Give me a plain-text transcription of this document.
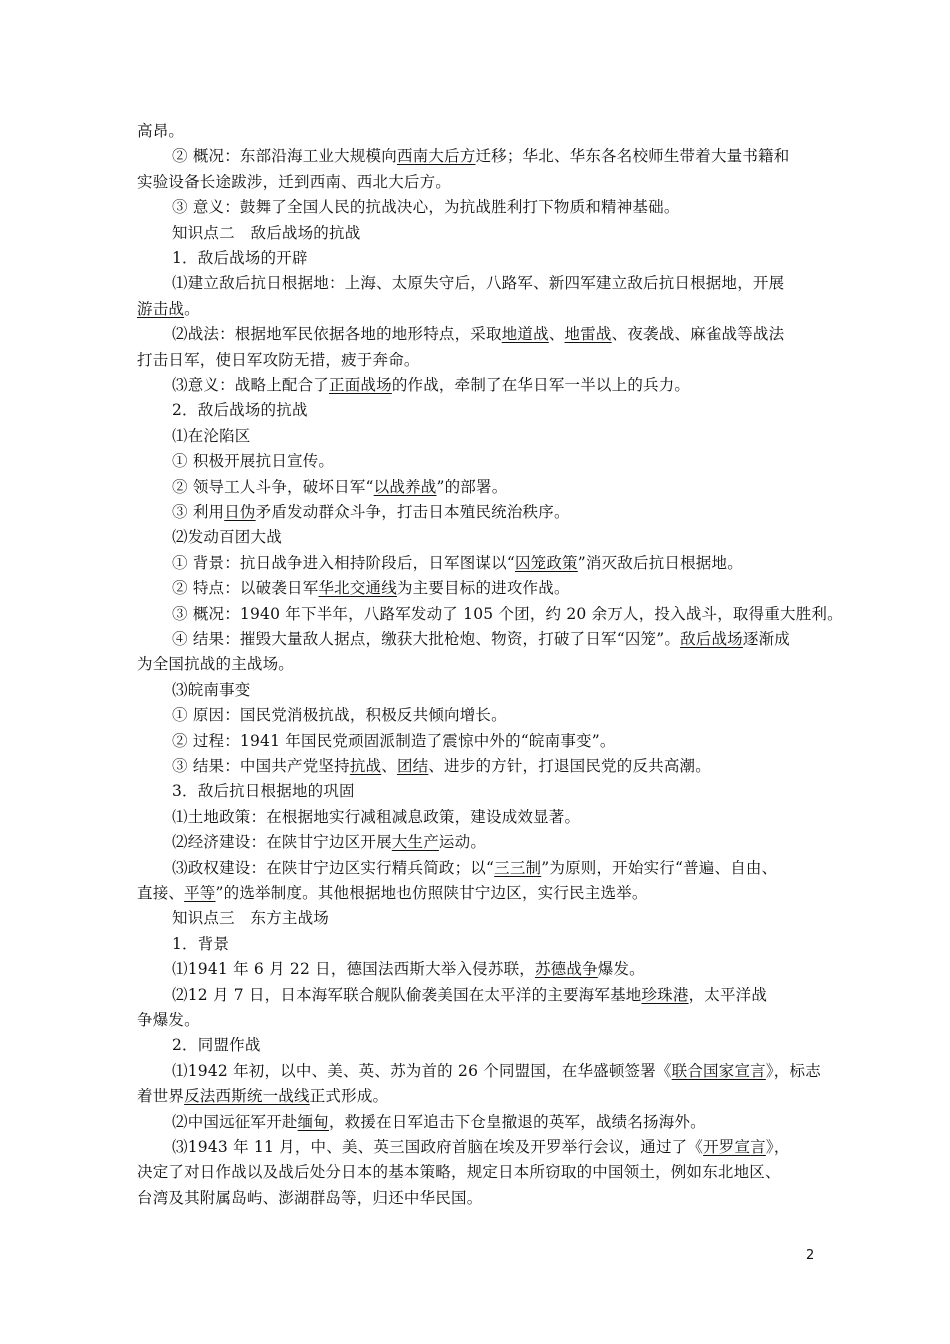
高昂。
② 概况：东部沿海工业大规模向西南大后方迁移；华北、华东各名校师生带着大量书籍和
实验设备长途跋涉，迁到西南、西北大后方。
③ 意义：鼓舞了全国人民的抗战决心，为抗战胜利打下物质和精神基础。
知识点二　敌后战场的抗战
1．敌后战场的开辟
⑴建立敌后抗日根据地：上海、太原失守后，八路军、新四军建立敌后抗日根据地，开展
游击战。
⑵战法：根据地军民依据各地的地形特点，采取地道战、地雷战、夜袭战、麻雀战等战法
打击日军，使日军攻防无措，疲于奔命。
⑶意义：战略上配合了正面战场的作战，牵制了在华日军一半以上的兵力。
2．敌后战场的抗战
⑴在沦陷区
① 积极开展抗日宣传。
② 领导工人斗争，破坏日军“以战养战”的部署。
③ 利用日伪矛盾发动群众斗争，打击日本殖民统治秩序。
⑵发动百团大战
① 背景：抗日战争进入相持阶段后，日军图谋以“囚笼政策”消灭敌后抗日根据地。
② 特点：以破袭日军华北交通线为主要目标的进攻作战。
③ 概况：1940 年下半年，八路军发动了 105 个团，约 20 余万人，投入战斗，取得重大胜利。
④ 结果：摧毁大量敌人据点，缴获大批枪炮、物资，打破了日军“囚笼”。敌后战场逐渐成
为全国抗战的主战场。
⑶皖南事变
① 原因：国民党消极抗战，积极反共倾向增长。
② 过程：1941 年国民党顽固派制造了震惊中外的“皖南事变”。
③ 结果：中国共产党坚持抗战、团结、进步的方针，打退国民党的反共高潮。
3．敌后抗日根据地的巩固
⑴土地政策：在根据地实行减租减息政策，建设成效显著。
⑵经济建设：在陕甘宁边区开展大生产运动。
⑶政权建设：在陕甘宁边区实行精兵简政；以“三三制”为原则，开始实行“普遍、自由、
直接、平等”的选举制度。其他根据地也仿照陕甘宁边区，实行民主选举。
知识点三　东方主战场
1．背景
⑴1941 年 6 月 22 日，德国法西斯大举入侵苏联，苏德战争爆发。
⑵12 月 7 日，日本海军联合舰队偷袭美国在太平洋的主要海军基地珍珠港，太平洋战
争爆发。
2．同盟作战
⑴1942 年初，以中、美、英、苏为首的 26 个同盟国，在华盛顿签署《联合国家宣言》，标志
着世界反法西斯统一战线正式形成。
⑵中国远征军开赴缅甸，救援在日军追击下仓皇撤退的英军，战绩名扬海外。
⑶1943 年 11 月，中、美、英三国政府首脑在埃及开罗举行会议，通过了《开罗宣言》，
决定了对日作战以及战后处分日本的基本策略，规定日本所窃取的中国领土，例如东北地区、
台湾及其附属岛屿、澎湖群岛等，归还中华民国。
2
